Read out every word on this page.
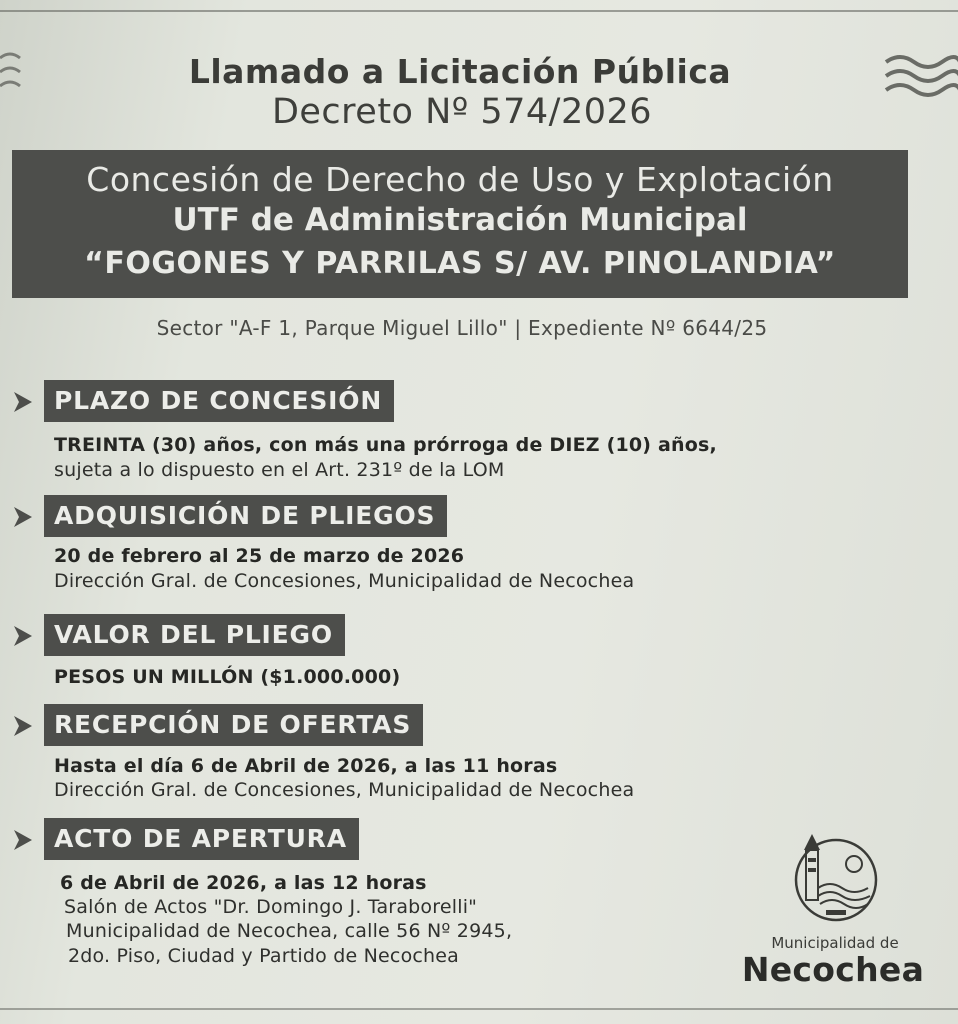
Llamado a Licitación Pública
Decreto Nº 574/2026
Concesión de Derecho de Uso y Explotación
UTF de Administración Municipal
“FOGONES Y PARRILAS S/ AV. PINOLANDIA”
Sector "A-F 1, Parque Miguel Lillo" | Expediente Nº 6644/25
PLAZO DE CONCESIÓN
TREINTA (30) años, con más una prórroga de DIEZ (10) años,
sujeta a lo dispuesto en el Art. 231º de la LOM
ADQUISICIÓN DE PLIEGOS
20 de febrero al 25 de marzo de 2026
Dirección Gral. de Concesiones, Municipalidad de Necochea
VALOR DEL PLIEGO
PESOS UN MILLÓN ($1.000.000)
RECEPCIÓN DE OFERTAS
Hasta el día 6 de Abril de 2026, a las 11 horas
Dirección Gral. de Concesiones, Municipalidad de Necochea
ACTO DE APERTURA
6 de Abril de 2026, a las 12 horas
Salón de Actos "Dr. Domingo J. Taraborelli"
Municipalidad de Necochea, calle 56 Nº 2945,
2do. Piso, Ciudad y Partido de Necochea
Municipalidad de
Necochea
